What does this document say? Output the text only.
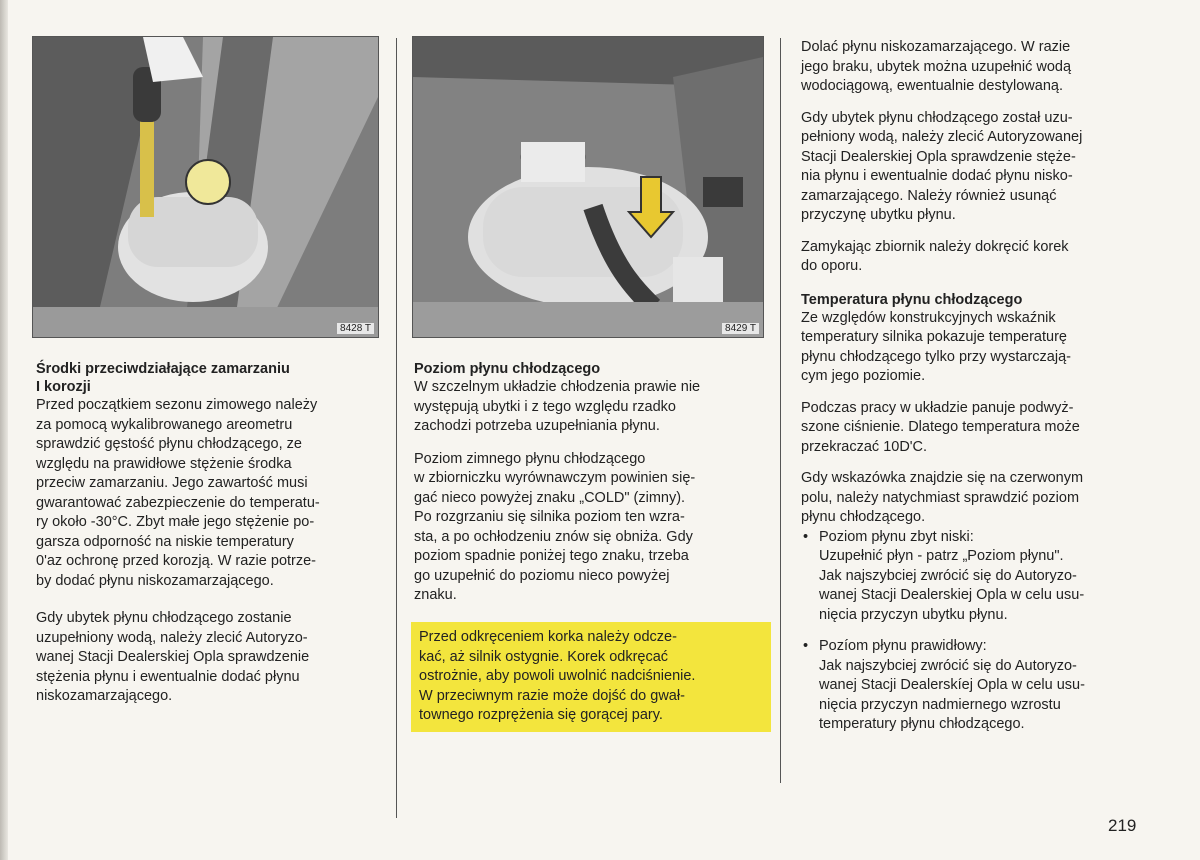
8428 T	8429 T
Środki przeciwdziałające zamarzaniu
I korozji

Przed początkiem sezonu zimowego należy
za pomocą wykalibrowanego areometru
sprawdzić gęstość płynu chłodzącego, ze
względu na prawidłowe stężenie środka
przeciw zamarzaniu. Jego zawartość musi
gwarantować zabezpieczenie do temperatu-
ry około -30°C. Zbyt małe jego stężenie po-
garsza odporność na niskie temperatury
0'az ochronę przed korozją. W razie potrze-
by dodać płynu niskozamarzającego.

Gdy ubytek płynu chłodzącego zostanie
uzupełniony wodą, należy zlecić Autoryzo-
wanej Stacji Dealerskiej Opla sprawdzenie
stężenia płynu i ewentualnie dodać płynu
niskozamarzającego.

Poziom płynu chłodzącego

W szczelnym układzie chłodzenia prawie nie
występują ubytki i z tego względu rzadko
zachodzi potrzeba uzupełniania płynu.

Poziom zimnego płynu chłodzącego
w zbiorniczku wyrównawczym powinien się-
gać nieco powyżej znaku „COLD" (zimny).
Po rozgrzaniu się silnika poziom ten wzra-
sta, a po ochłodzeniu znów się obniża. Gdy
poziom spadnie poniżej tego znaku, trzeba
go uzupełnić do poziomu nieco powyżej
znaku.

Przed odkręceniem korka należy odcze-
kać, aż silnik ostygnie. Korek odkręcać
ostrożnie, aby powoli uwolnić nadciśnienie.
W przeciwnym razie może dojść do gwał-
townego rozprężenia się gorącej pary.

Dolać płynu niskozamarzającego. W razie
jego braku, ubytek można uzupełnić wodą
wodociągową, ewentualnie destylowaną.

Gdy ubytek płynu chłodzącego został uzu-
pełniony wodą, należy zlecić Autoryzowanej
Stacji Dealerskiej Opla sprawdzenie stęże-
nia płynu i ewentualnie dodać płynu nisko-
zamarzającego. Należy również usunąć
przyczynę ubytku płynu.

Zamykając zbiornik należy dokręcić korek
do oporu.

Temperatura płynu chłodzącego

Ze względów konstrukcyjnych wskaźnik
temperatury silnika pokazuje temperaturę
płynu chłodzącego tylko przy wystarczają-
cym jego poziomie.

Podczas pracy w układzie panuje podwyż-
szone ciśnienie. Dlatego temperatura może
przekraczać 10D'C.

Gdy wskazówka znajdzie się na czerwonym
polu, należy natychmiast sprawdzić poziom
płynu chłodzącego.

• Poziom płynu zbyt niski:
Uzupełnić płyn - patrz „Poziom płynu".
Jak najszybciej zwrócić się do Autoryzo-
wanej Stacji Dealerskiej Opla w celu usu-
nięcia przyczyn ubytku płynu.

• Pozíom płynu prawidłowy:
Jak najszybciej zwrócić się do Autoryzo-
wanej Stacji Dealerskíej Opla w celu usu-
nięcia przyczyn nadmiernego wzrostu
temperatury płynu chłodzącego.

219
